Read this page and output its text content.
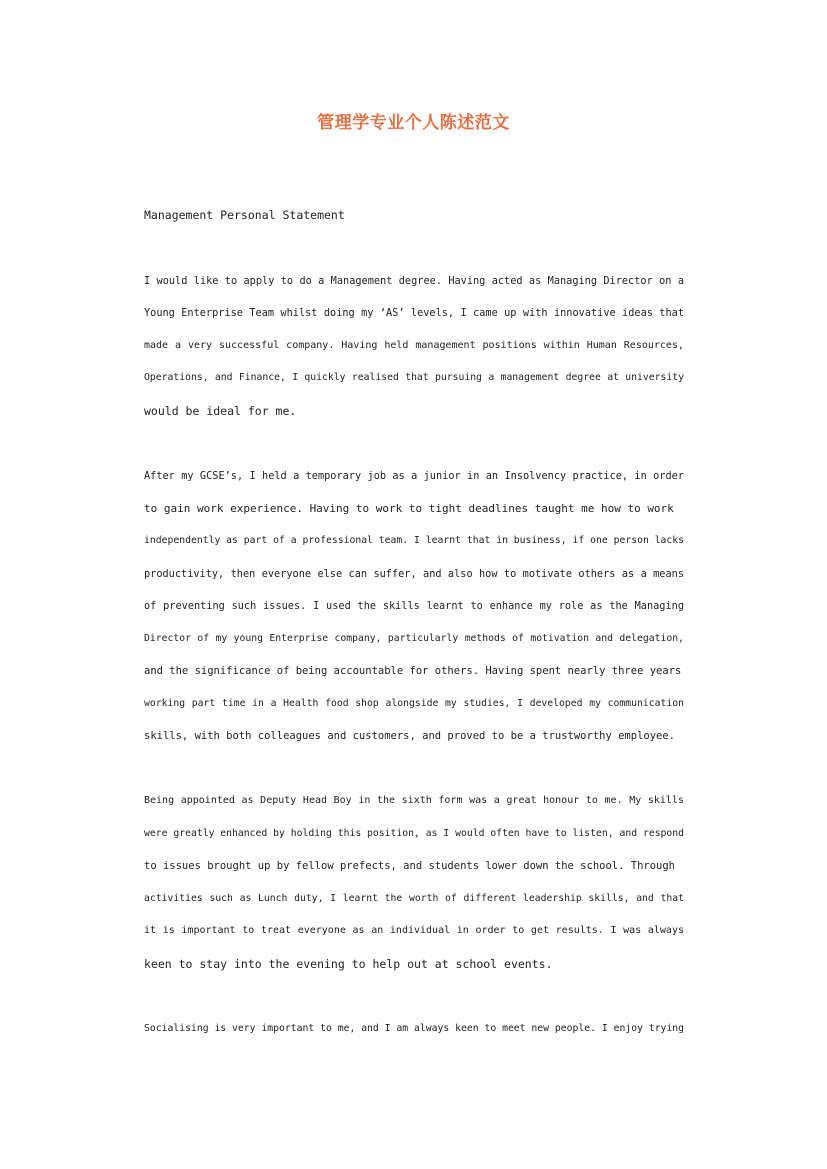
管理学专业个人陈述范文
Management Personal Statement
I would like to apply to do a Management degree. Having acted as Managing Director on a
Young Enterprise Team whilst doing my ‘AS’ levels, I came up with innovative ideas that
made a very successful company. Having held management positions within Human Resources,
Operations, and Finance, I quickly realised that pursuing a management degree at university
would be ideal for me.
After my GCSE’s, I held a temporary job as a junior in an Insolvency practice, in order
to gain work experience. Having to work to tight deadlines taught me how to work
independently as part of a professional team. I learnt that in business, if one person lacks
productivity, then everyone else can suffer, and also how to motivate others as a means
of preventing such issues. I used the skills learnt to enhance my role as the Managing
Director of my young Enterprise company, particularly methods of motivation and delegation,
and the significance of being accountable for others. Having spent nearly three years
working part time in a Health food shop alongside my studies, I developed my communication
skills, with both colleagues and customers, and proved to be a trustworthy employee.
Being appointed as Deputy Head Boy in the sixth form was a great honour to me. My skills
were greatly enhanced by holding this position, as I would often have to listen, and respond
to issues brought up by fellow prefects, and students lower down the school. Through
activities such as Lunch duty, I learnt the worth of different leadership skills, and that
it is important to treat everyone as an individual in order to get results. I was always
keen to stay into the evening to help out at school events.
Socialising is very important to me, and I am always keen to meet new people. I enjoy trying
